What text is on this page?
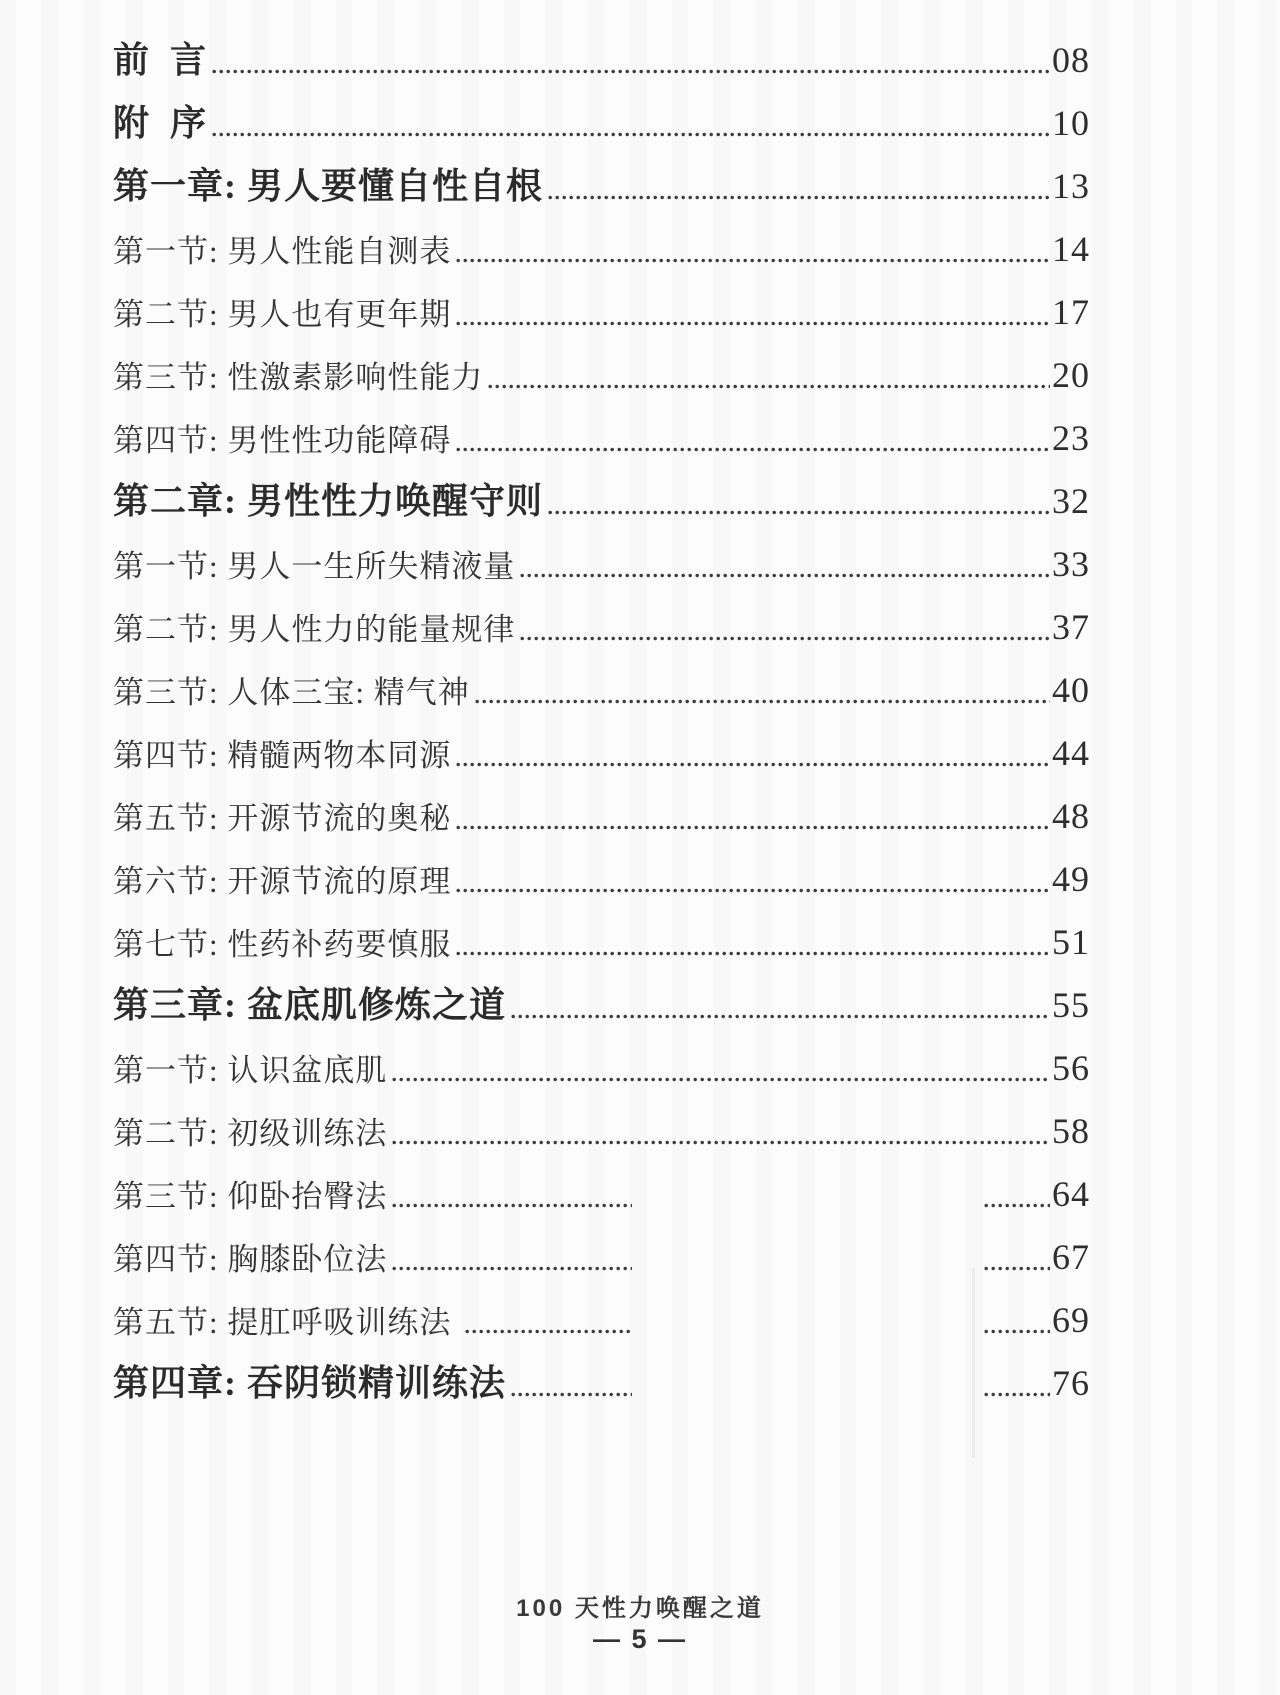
前  言	08
附  序	10
第一章: 男人要懂自性自根	13
第一节: 男人性能自测表	14
第二节: 男人也有更年期	17
第三节: 性激素影响性能力	20
第四节: 男性性功能障碍	23
第二章: 男性性力唤醒守则	32
第一节: 男人一生所失精液量	33
第二节: 男人性力的能量规律	37
第三节: 人体三宝: 精气神	40
第四节: 精髓两物本同源	44
第五节: 开源节流的奥秘	48
第六节: 开源节流的原理	49
第七节: 性药补药要慎服	51
第三章: 盆底肌修炼之道	55
第一节: 认识盆底肌	56
第二节: 初级训练法	58
第三节: 仰卧抬臀法	64
第四节: 胸膝卧位法	67
第五节: 提肛呼吸训练法	69
第四章: 吞阴锁精训练法	76
100 天性力唤醒之道
— 5 —
